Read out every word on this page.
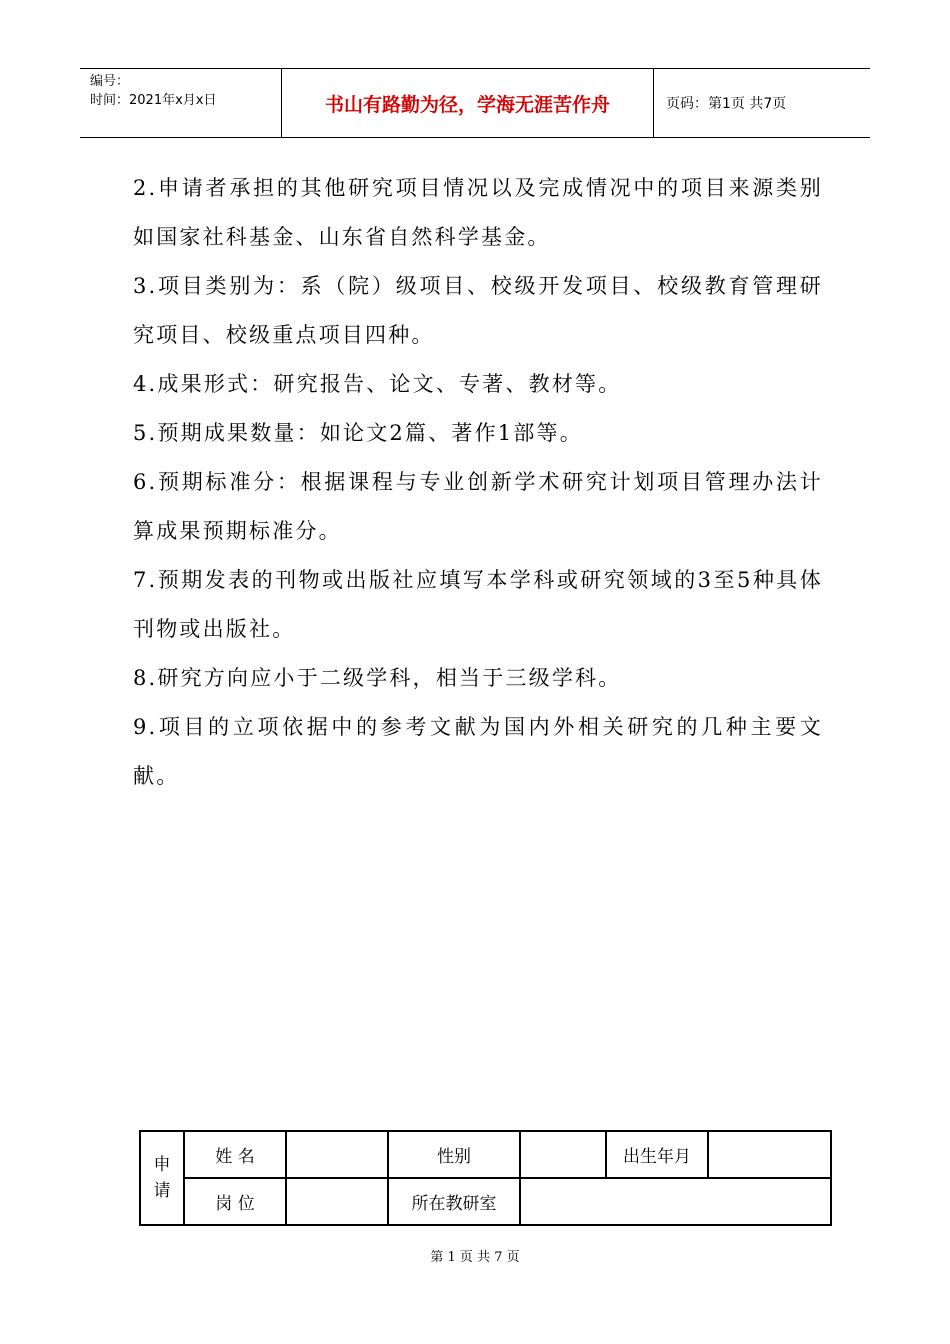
编号：
时间：2021年x月x日	书山有路勤为径，学海无涯苦作舟	页码：第1页 共7页

2.申请者承担的其他研究项目情况以及完成情况中的项目来源类别如国家社科基金、山东省自然科学基金。

3.项目类别为：系（院）级项目、校级开发项目、校级教育管理研究项目、校级重点项目四种。

4.成果形式：研究报告、论文、专著、教材等。

5.预期成果数量：如论文2篇、著作1部等。

6.预期标准分：根据课程与专业创新学术研究计划项目管理办法计算成果预期标准分。

7.预期发表的刊物或出版社应填写本学科或研究领域的3至5种具体刊物或出版社。

8.研究方向应小于二级学科，相当于三级学科。

9.项目的立项依据中的参考文献为国内外相关研究的几种主要文献。

申
请	姓 名		性别		出生年月	
	岗 位		所在教研室			
第 1 页 共 7 页
